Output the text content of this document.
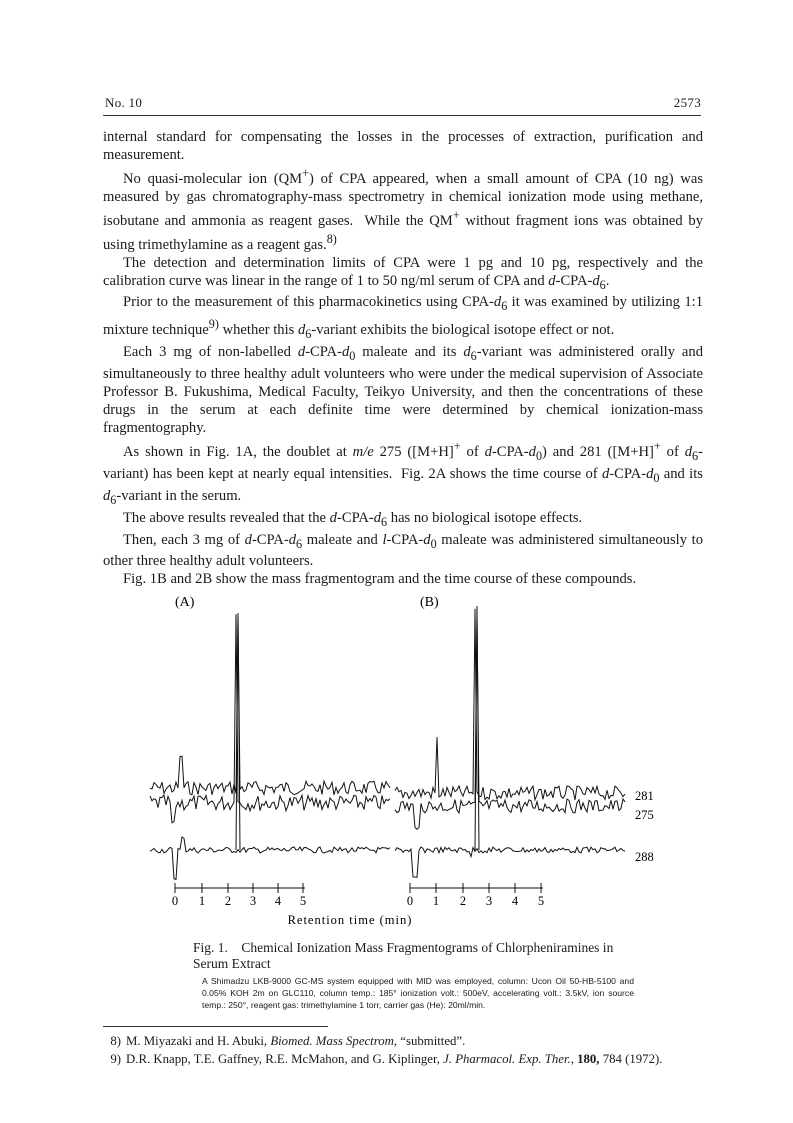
No. 10	2573

internal standard for compensating the losses in the processes of extraction, purification and measurement.

No quasi-molecular ion (QM+) of CPA appeared, when a small amount of CPA (10 ng) was measured by gas chromatography-mass spectrometry in chemical ionization mode using methane, isobutane and ammonia as reagent gases.  While the QM+ without fragment ions was obtained by using trimethylamine as a reagent gas.$^{8)}$

The detection and determination limits of CPA were 1 pg and 10 pg, respectively and the calibration curve was linear in the range of 1 to 50 ng/ml serum of CPA and $d-CPA-d_6$.

Prior to the measurement of this pharmacokinetics using CPA-$d_6$ it was examined by utilizing 1:1 mixture technique$^{9)}$ whether this $d_6$-variant exhibits the biological isotope effect or not.

Each 3 mg of non-labelled $d-CPA-d_0$ maleate and its $d_6$-variant was administered orally and simultaneously to three healthy adult volunteers who were under the medical supervision of Associate Professor B. Fukushima, Medical Faculty, Teikyo University, and then the concentrations of these drugs in the serum at each definite time were determined by chemical ionization-mass fragmentography.

As shown in Fig. 1A, the doublet at m/e 275 ([M+H]+ of $d-CPA-d_0$) and 281 ([M+H]+ of $d_6-variant$) has been kept at nearly equal intensities.  Fig. 2A shows the time course of $d-CPA-d_0$ and its $d_6$-variant in the serum.

The above results revealed that the $d-CPA-d_6$ has no biological isotope effects.

Then, each 3 mg of $d-CPA-d_6$ maleate and $l-CPA-d_0$ maleate was administered simultaneously to other three healthy adult volunteers.

Fig. 1B and 2B show the mass fragmentogram and the time course of these compounds.

(A)	(B)
281
275
288
0 1 2 3 4 5	0 1 2 3 4 5
Retention time (min)
Fig. 1. Chemical Ionization Mass Fragmentograms of Chlorpheniramines in Serum Extract
A Shimadzu LKB-9000 GC-MS system equipped with MID was employed, column: Ucon Oil 50-HB-5100 and 0.05% KOH 2m on GLC110, column temp.: 185° ionization volt.: 500eV, accelerating volt.: 3.5kV, ion source temp.: 250°, reagent gas: trimethylamine 1 torr, carrier gas (He): 20ml/min.
8) M. Miyazaki and H. Abuki, Biomed. Mass Spectrom, “submitted”.
9) D.R. Knapp, T.E. Gaffney, R.E. McMahon, and G. Kiplinger, J. Pharmacol. Exp. Ther., 180, 784 (1972).
